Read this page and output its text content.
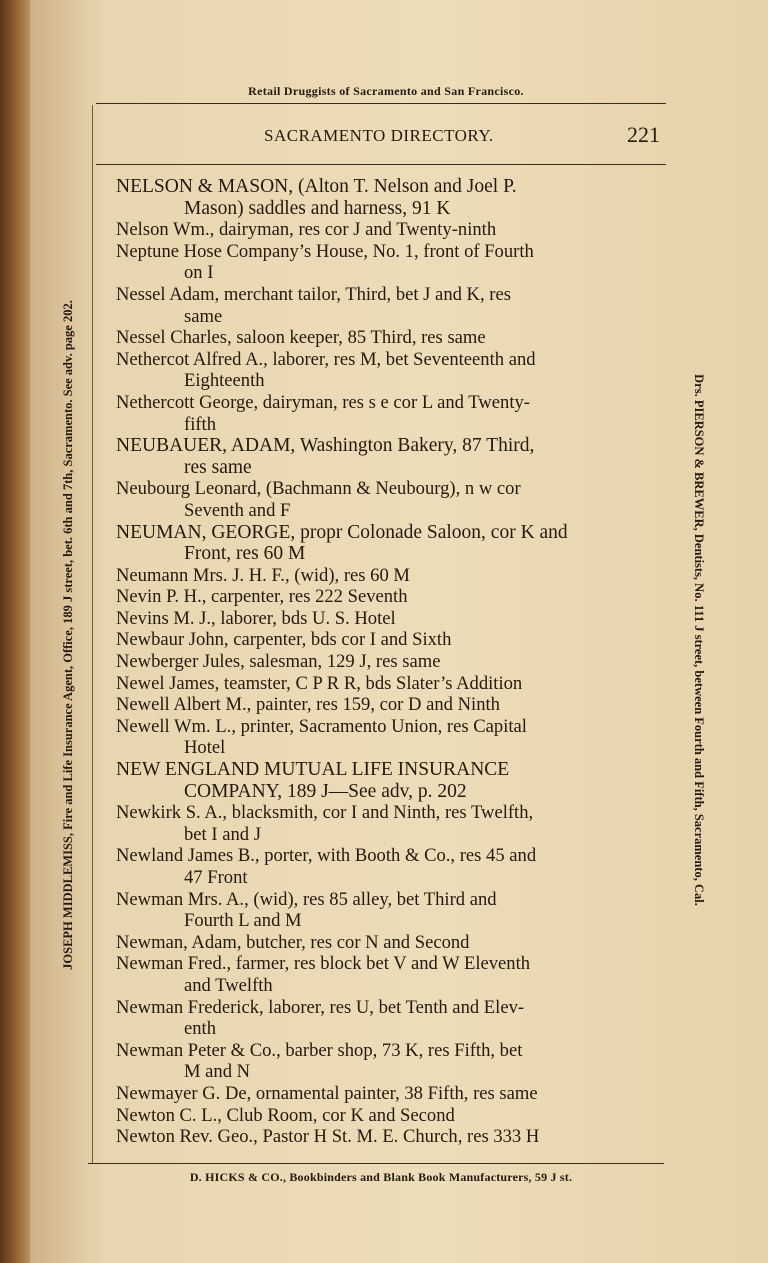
Retail Druggists of Sacramento and San Francisco.
SACRAMENTO DIRECTORY.	221
NELSON & MASON, (Alton T. Nelson and Joel P.
Mason) saddles and harness, 91 K
Nelson Wm., dairyman, res cor J and Twenty-ninth
Neptune Hose Company’s House, No. 1, front of Fourth
on I
Nessel Adam, merchant tailor, Third, bet J and K, res
same
Nessel Charles, saloon keeper, 85 Third, res same
Nethercot Alfred A., laborer, res M, bet Seventeenth and
Eighteenth
Nethercott George, dairyman, res s e cor L and Twenty-
fifth
NEUBAUER, ADAM, Washington Bakery, 87 Third,
res same
Neubourg Leonard, (Bachmann & Neubourg), n w cor
Seventh and F
NEUMAN, GEORGE, propr Colonade Saloon, cor K and
Front, res 60 M
Neumann Mrs. J. H. F., (wid), res 60 M
Nevin P. H., carpenter, res 222 Seventh
Nevins M. J., laborer, bds U. S. Hotel
Newbaur John, carpenter, bds cor I and Sixth
Newberger Jules, salesman, 129 J, res same
Newel James, teamster, C P R R, bds Slater’s Addition
Newell Albert M., painter, res 159, cor D and Ninth
Newell Wm. L., printer, Sacramento Union, res Capital
Hotel
NEW ENGLAND MUTUAL LIFE INSURANCE
COMPANY, 189 J—See adv, p. 202
Newkirk S. A., blacksmith, cor I and Ninth, res Twelfth,
bet I and J
Newland James B., porter, with Booth & Co., res 45 and
47 Front
Newman Mrs. A., (wid), res 85 alley, bet Third and
Fourth L and M
Newman, Adam, butcher, res cor N and Second
Newman Fred., farmer, res block bet V and W Eleventh
and Twelfth
Newman Frederick, laborer, res U, bet Tenth and Elev-
enth
Newman Peter & Co., barber shop, 73 K, res Fifth, bet
M and N
Newmayer G. De, ornamental painter, 38 Fifth, res same
Newton C. L., Club Room, cor K and Second
Newton Rev. Geo., Pastor H St. M. E. Church, res 333 H
D. HICKS & CO., Bookbinders and Blank Book Manufacturers, 59 J st.
JOSEPH MIDDLEMISS, Fire and Life Insurance Agent, Office, 189 J street, bet. 6th and 7th, Sacramento. See adv. page 202.	Drs. PIERSON & BREWER, Dentists, No. 111 J street, between Fourth and Fifth, Sacramento, Cal.
